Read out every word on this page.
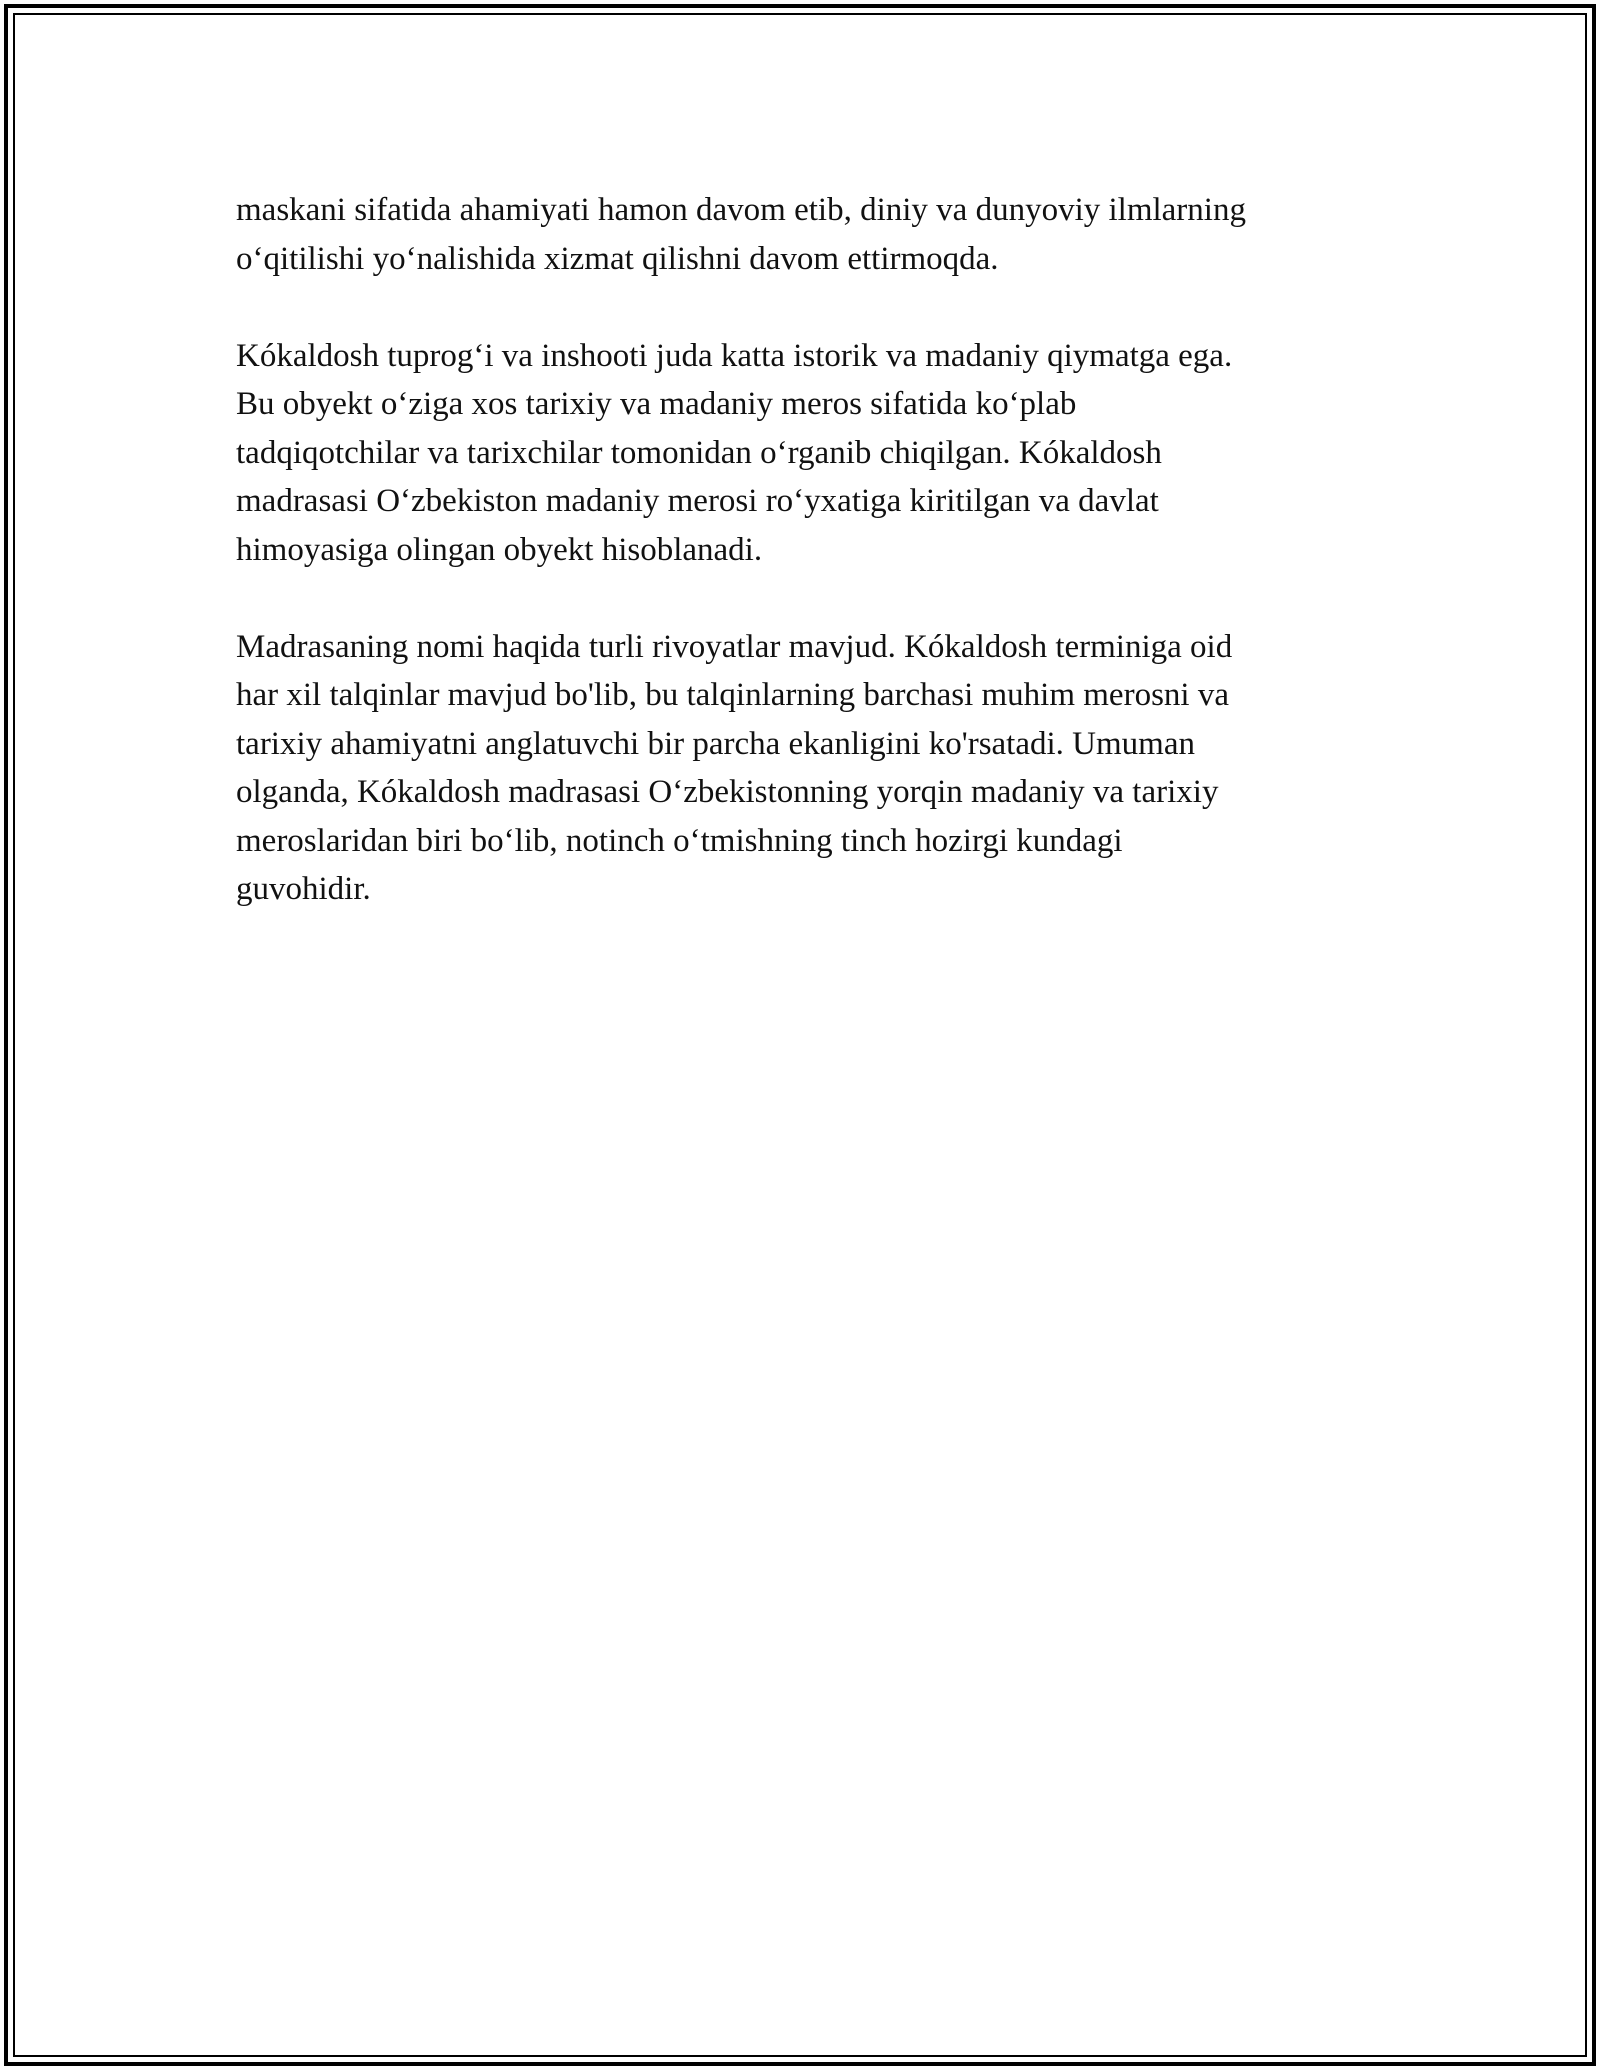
maskani sifatida ahamiyati hamon davom etib, diniy va dunyoviy ilmlarning
o‘qitilishi yo‘nalishida xizmat qilishni davom ettirmoqda.

Kókaldosh tuprog‘i va inshooti juda katta istorik va madaniy qiymatga ega.
Bu obyekt o‘ziga xos tarixiy va madaniy meros sifatida ko‘plab
tadqiqotchilar va tarixchilar tomonidan o‘rganib chiqilgan. Kókaldosh
madrasasi O‘zbekiston madaniy merosi ro‘yxatiga kiritilgan va davlat
himoyasiga olingan obyekt hisoblanadi.

Madrasaning nomi haqida turli rivoyatlar mavjud. Kókaldosh terminiga oid
har xil talqinlar mavjud bo'lib, bu talqinlarning barchasi muhim merosni va
tarixiy ahamiyatni anglatuvchi bir parcha ekanligini ko'rsatadi. Umuman
olganda, Kókaldosh madrasasi O‘zbekistonning yorqin madaniy va tarixiy
meroslaridan biri bo‘lib, notinch o‘tmishning tinch hozirgi kundagi
guvohidir.
